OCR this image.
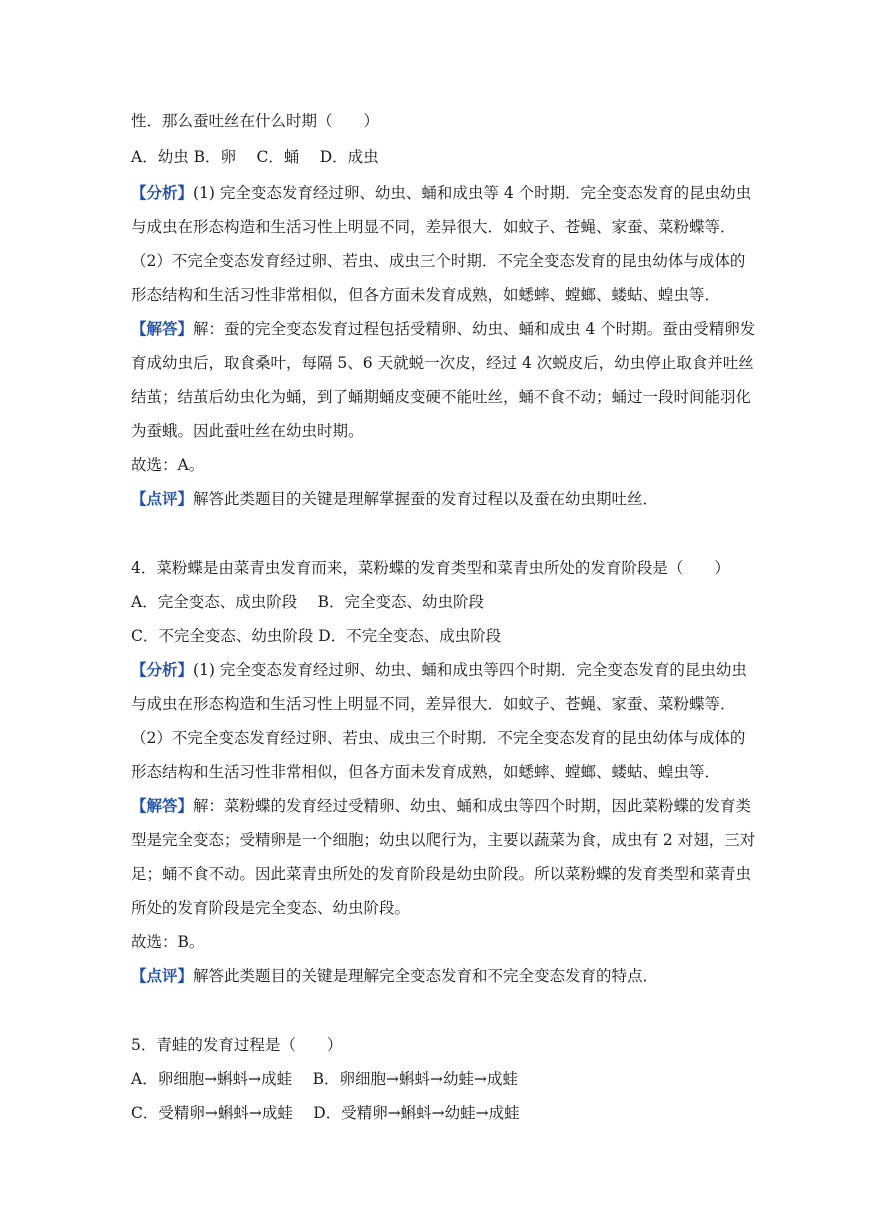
性．那么蚕吐丝在什么时期（　　）
A．幼虫 B．卵　 C．蛹　 D．成虫
【分析】(1) 完全变态发育经过卵、幼虫、蛹和成虫等 4 个时期．完全变态发育的昆虫幼虫
与成虫在形态构造和生活习性上明显不同，差异很大．如蚊子、苍蝇、家蚕、菜粉蝶等．
（2）不完全变态发育经过卵、若虫、成虫三个时期．不完全变态发育的昆虫幼体与成体的
形态结构和生活习性非常相似，但各方面未发育成熟，如蟋蟀、螳螂、蝼蛄、蝗虫等．
【解答】解：蚕的完全变态发育过程包括受精卵、幼虫、蛹和成虫 4 个时期。蚕由受精卵发
育成幼虫后，取食桑叶，每隔 5、6 天就蜕一次皮，经过 4 次蜕皮后，幼虫停止取食并吐丝
结茧；结茧后幼虫化为蛹，到了蛹期蛹皮变硬不能吐丝，蛹不食不动；蛹过一段时间能羽化
为蚕蛾。因此蚕吐丝在幼虫时期。
故选：A。
【点评】解答此类题目的关键是理解掌握蚕的发育过程以及蚕在幼虫期吐丝．
4．菜粉蝶是由菜青虫发育而来，菜粉蝶的发育类型和菜青虫所处的发育阶段是（　　）
A．完全变态、成虫阶段　 B．完全变态、幼虫阶段
C．不完全变态、幼虫阶段 D．不完全变态、成虫阶段
【分析】(1) 完全变态发育经过卵、幼虫、蛹和成虫等四个时期．完全变态发育的昆虫幼虫
与成虫在形态构造和生活习性上明显不同，差异很大．如蚊子、苍蝇、家蚕、菜粉蝶等．
（2）不完全变态发育经过卵、若虫、成虫三个时期．不完全变态发育的昆虫幼体与成体的
形态结构和生活习性非常相似，但各方面未发育成熟，如蟋蟀、螳螂、蝼蛄、蝗虫等．
【解答】解：菜粉蝶的发育经过受精卵、幼虫、蛹和成虫等四个时期，因此菜粉蝶的发育类
型是完全变态；受精卵是一个细胞；幼虫以爬行为，主要以蔬菜为食，成虫有 2 对翅，三对
足；蛹不食不动。因此菜青虫所处的发育阶段是幼虫阶段。所以菜粉蝶的发育类型和菜青虫
所处的发育阶段是完全变态、幼虫阶段。
故选：B。
【点评】解答此类题目的关键是理解完全变态发育和不完全变态发育的特点．
5．青蛙的发育过程是（　　）
A．卵细胞→蝌蚪→成蛙　 B．卵细胞→蝌蚪→幼蛙→成蛙
C．受精卵→蝌蚪→成蛙　 D．受精卵→蝌蚪→幼蛙→成蛙
